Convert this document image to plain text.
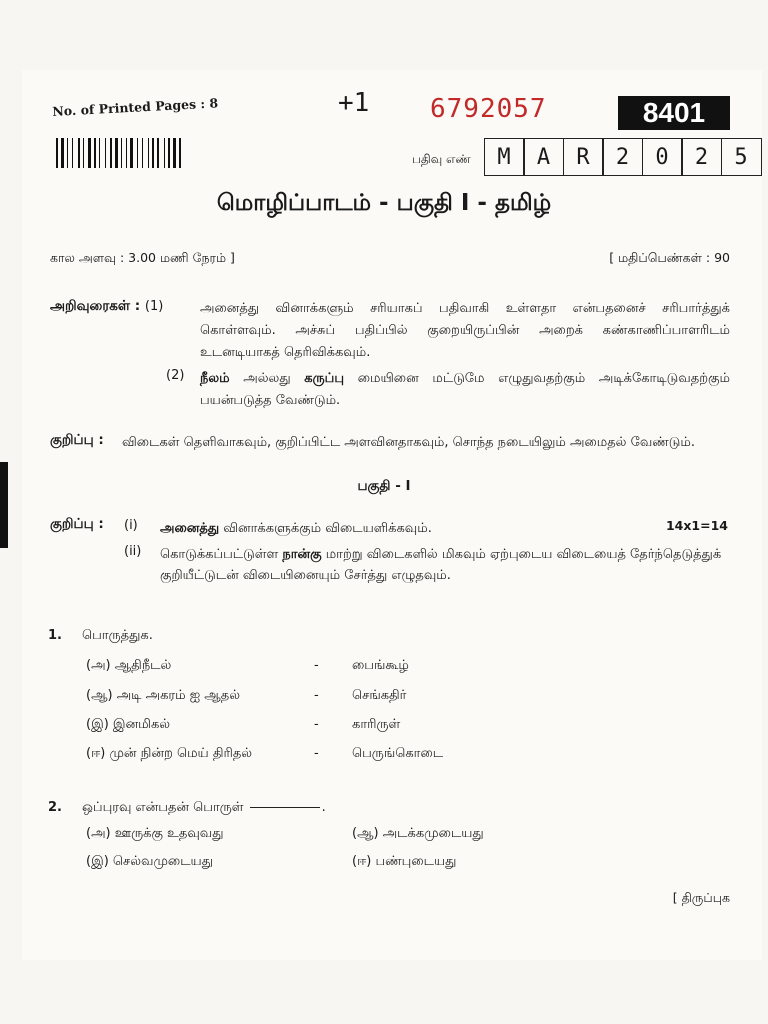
No. of Printed Pages : 8	+1 6792057	8401
பதிவு எண்	M	A	R	2	0	2	5
மொழிப்பாடம் - பகுதி I - தமிழ்
கால அளவு : 3.00 மணி நேரம் ]	[ மதிப்பெண்கள் : 90
அறிவுரைகள் : (1)	அனைத்து வினாக்களும் சரியாகப் பதிவாகி உள்ளதா என்பதனைச் சரிபார்த்துக் கொள்ளவும். அச்சுப் பதிப்பில் குறையிருப்பின் அறைக் கண்காணிப்பாளரிடம் உடனடியாகத் தெரிவிக்கவும்.
(2) நீலம் அல்லது கருப்பு மையினை மட்டுமே எழுதுவதற்கும் அடிக்கோடிடுவதற்கும் பயன்படுத்த வேண்டும்.
குறிப்பு : விடைகள் தெளிவாகவும், குறிப்பிட்ட அளவினதாகவும், சொந்த நடையிலும் அமைதல் வேண்டும்.
பகுதி - I
குறிப்பு :	14x1=14
(i) அனைத்து வினாக்களுக்கும் விடையளிக்கவும்.
(ii) கொடுக்கப்பட்டுள்ள நான்கு மாற்று விடைகளில் மிகவும் ஏற்புடைய விடையைத் தேர்ந்தெடுத்துக் குறியீட்டுடன் விடையினையும் சேர்த்து எழுதவும்.
1. பொருத்துக.
(அ) ஆதிநீடல்	-	பைங்கூழ்
(ஆ) அடி அகரம் ஐ ஆதல்	-	செங்கதிர்
(இ) இனமிகல்	-	காரிருள்
(ஈ) முன் நின்ற மெய் திரிதல்	-	பெருங்கொடை
2. ஒப்புரவு என்பதன் பொருள்	.
(அ) ஊருக்கு உதவுவது	(ஆ) அடக்கமுடையது
(இ) செல்வமுடையது	(ஈ) பண்புடையது
[ திருப்புக
